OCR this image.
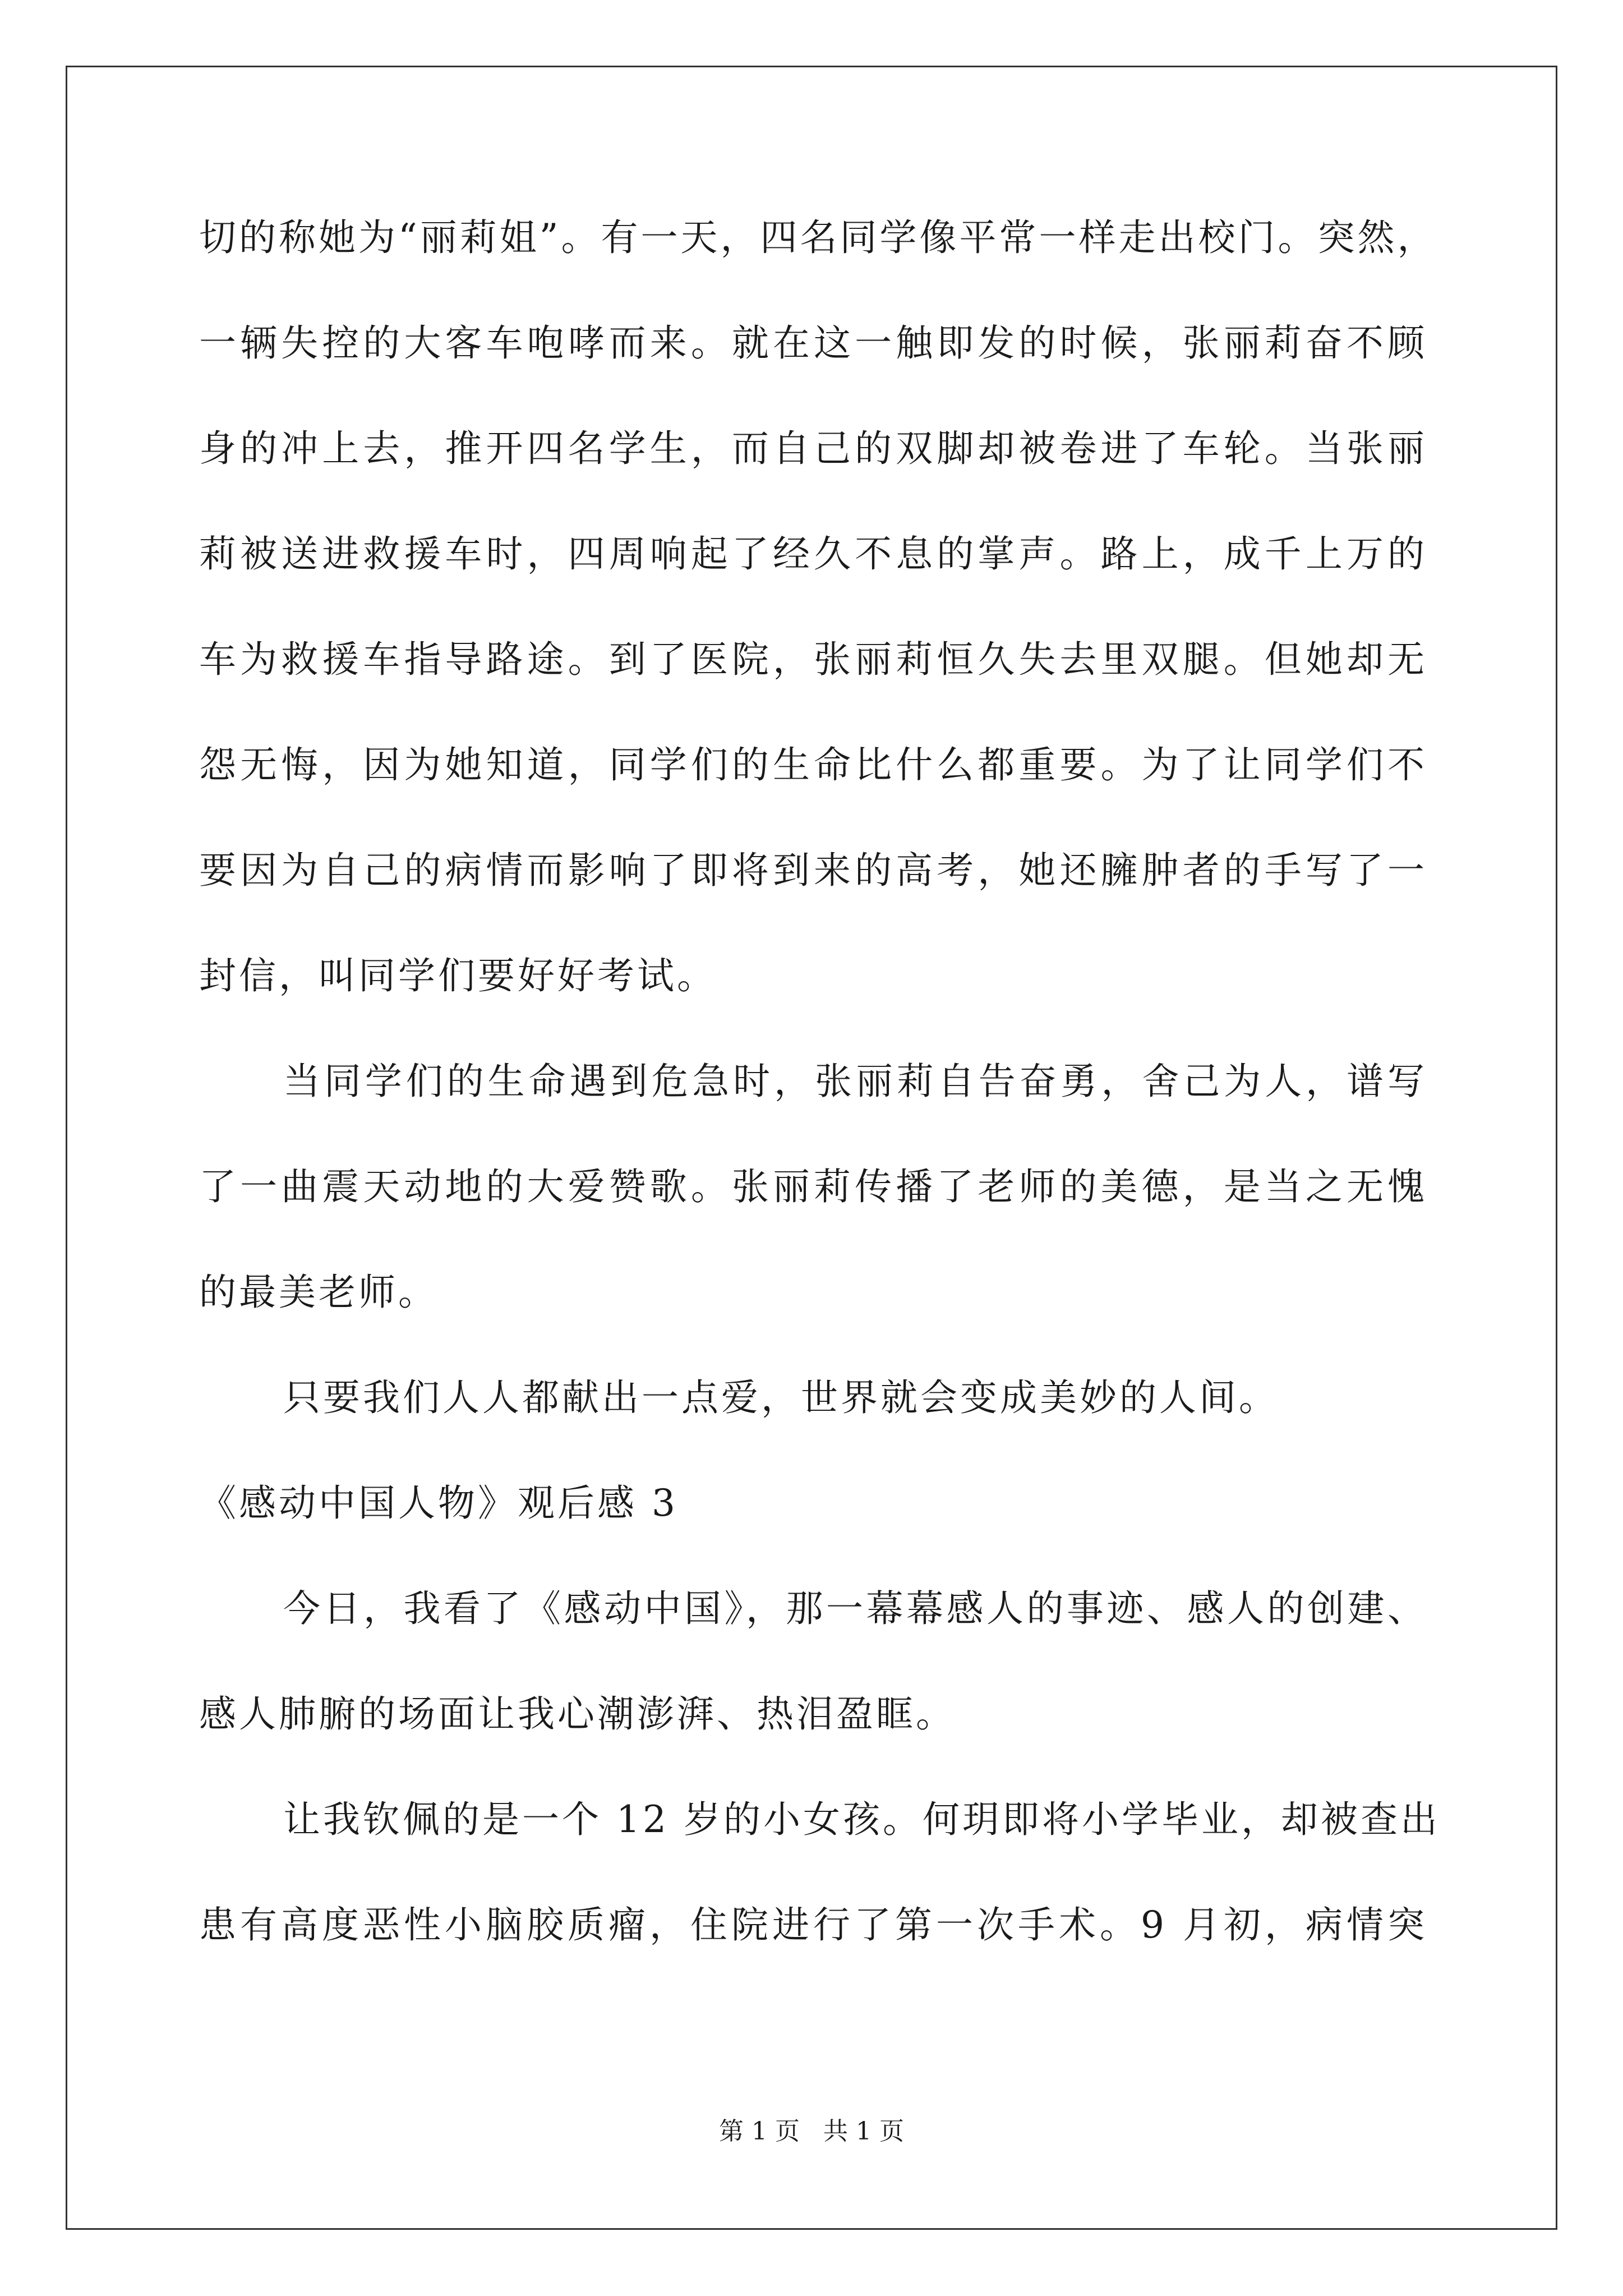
切的称她为“丽莉姐”。有一天，四名同学像平常一样走出校门。突然，
一辆失控的大客车咆哮而来。就在这一触即发的时候，张丽莉奋不顾
身的冲上去，推开四名学生，而自己的双脚却被卷进了车轮。当张丽
莉被送进救援车时，四周响起了经久不息的掌声。路上，成千上万的
车为救援车指导路途。到了医院，张丽莉恒久失去里双腿。但她却无
怨无悔，因为她知道，同学们的生命比什么都重要。为了让同学们不
要因为自己的病情而影响了即将到来的高考，她还臃肿者的手写了一
封信，叫同学们要好好考试。
当同学们的生命遇到危急时，张丽莉自告奋勇，舍己为人，谱写
了一曲震天动地的大爱赞歌。张丽莉传播了老师的美德，是当之无愧
的最美老师。
只要我们人人都献出一点爱，世界就会变成美妙的人间。
《感动中国人物》观后感 3
今日，我看了《感动中国》，那一幕幕感人的事迹、感人的创建、
感人肺腑的场面让我心潮澎湃、热泪盈眶。
让我钦佩的是一个 12 岁的小女孩。何玥即将小学毕业，却被查出
患有高度恶性小脑胶质瘤，住院进行了第一次手术。9 月初，病情突
第 1 页   共 1 页
